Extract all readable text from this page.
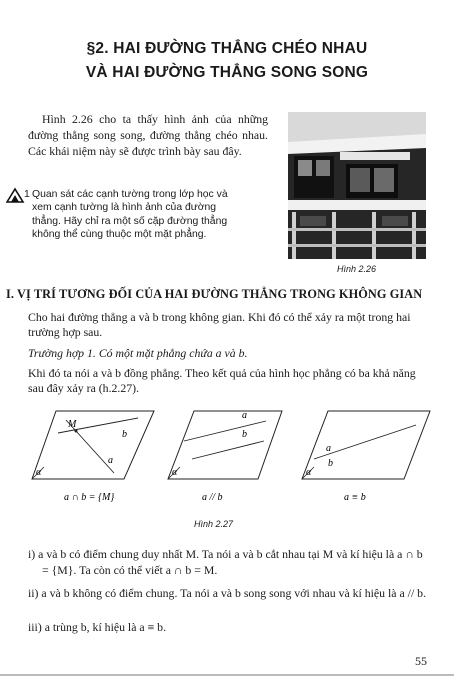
§2. HAI ĐƯỜNG THẲNG CHÉO NHAU
VÀ HAI ĐƯỜNG THẲNG SONG SONG
Hình 2.26 cho ta thấy hình ảnh của những đường thẳng song song, đường thẳng chéo nhau. Các khái niệm này sẽ được trình bày sau đây.
1 Quan sát các cạnh tường trong lớp học và xem cạnh tường là hình ảnh của đường thẳng. Hãy chỉ ra một số cặp đường thẳng không thể cùng thuộc một mặt phẳng.
Hình 2.26
I. VỊ TRÍ TƯƠNG ĐỐI CỦA HAI ĐƯỜNG THẲNG TRONG KHÔNG GIAN
Cho hai đường thẳng a và b trong không gian. Khi đó có thể xảy ra một trong hai trường hợp sau.
Trường hợp 1. Có một mặt phẳng chứa a và b.
Khi đó ta nói a và b đồng phẳng. Theo kết quả của hình học phẳng có ba khả năng sau đây xảy ra (h.2.27).
M
b
a
α
a ∩ b = {M}
a
b
α
a // b
a
b
α
a ≡ b
Hình 2.27
i) a và b có điểm chung duy nhất M. Ta nói a và b cắt nhau tại M và kí hiệu là a ∩ b = {M}. Ta còn có thể viết a ∩ b = M.
ii) a và b không có điểm chung. Ta nói a và b song song với nhau và kí hiệu là a // b.
iii) a trùng b, kí hiệu là a ≡ b.
55
